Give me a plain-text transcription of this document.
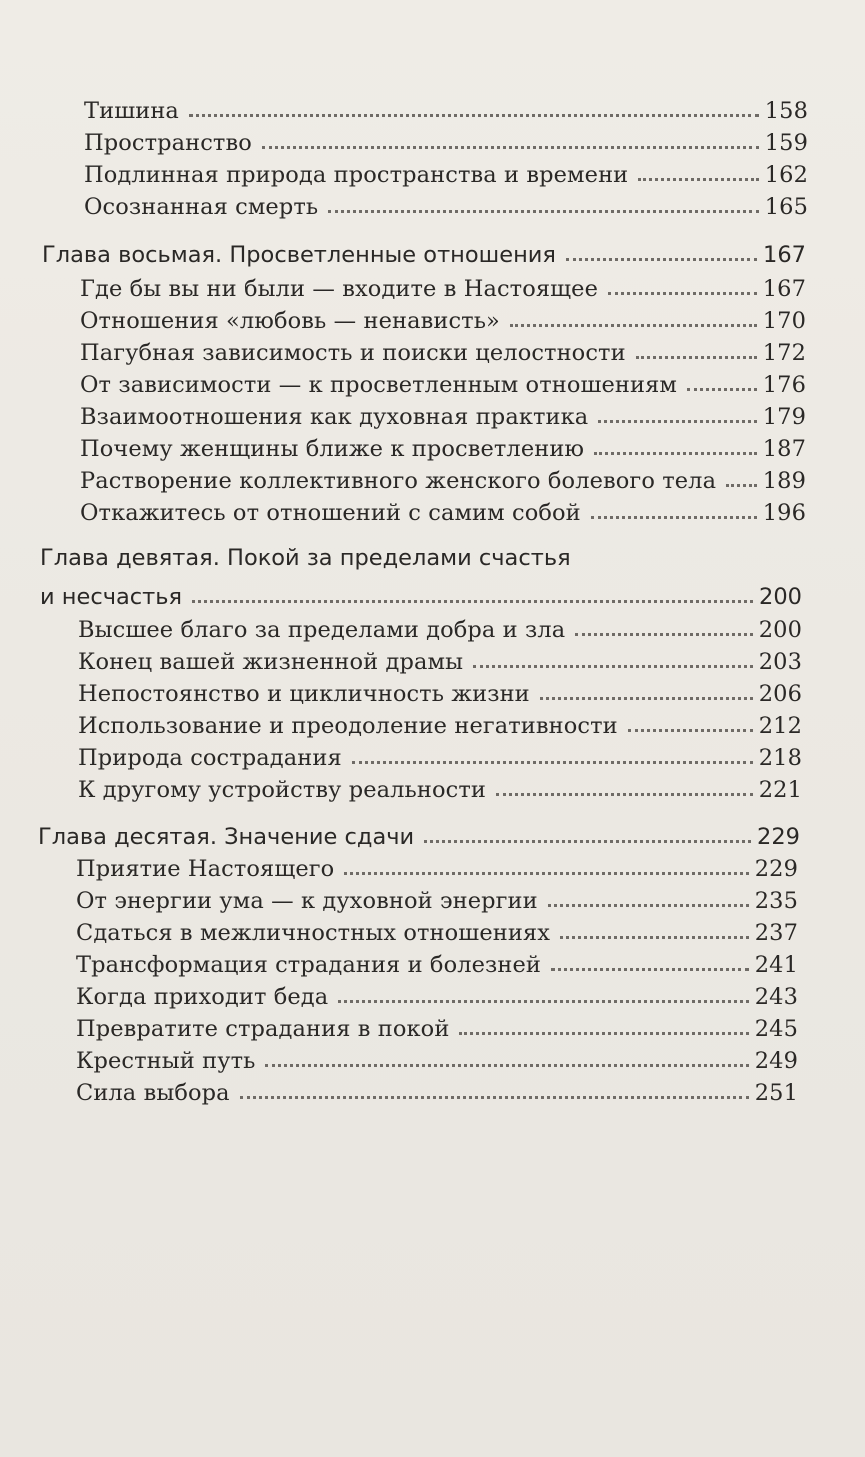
Тишина	158
Пространство	159
Подлинная природа пространства и времени	162
Осознанная смерть	165
Глава восьмая. Просветленные отношения	167
Где бы вы ни были — входите в Настоящее	167
Отношения «любовь — ненависть»	170
Пагубная зависимость и поиски целостности	172
От зависимости — к просветленным отношениям	176
Взаимоотношения как духовная практика	179
Почему женщины ближе к просветлению	187
Растворение коллективного женского болевого тела 189
Откажитесь от отношений с самим собой	196
Глава девятая. Покой за пределами счастья
и несчастья	200
Высшее благо за пределами добра и зла	200
Конец вашей жизненной драмы	203
Непостоянство и цикличность жизни	206
Использование и преодоление негативности	212
Природа сострадания	218
К другому устройству реальности	221
Глава десятая. Значение сдачи	229
Приятие Настоящего	229
От энергии ума — к духовной энергии	235
Сдаться в межличностных отношениях	237
Трансформация страдания и болезней	241
Когда приходит беда	243
Превратите страдания в покой	245
Крестный путь	249
Сила выбора	251
